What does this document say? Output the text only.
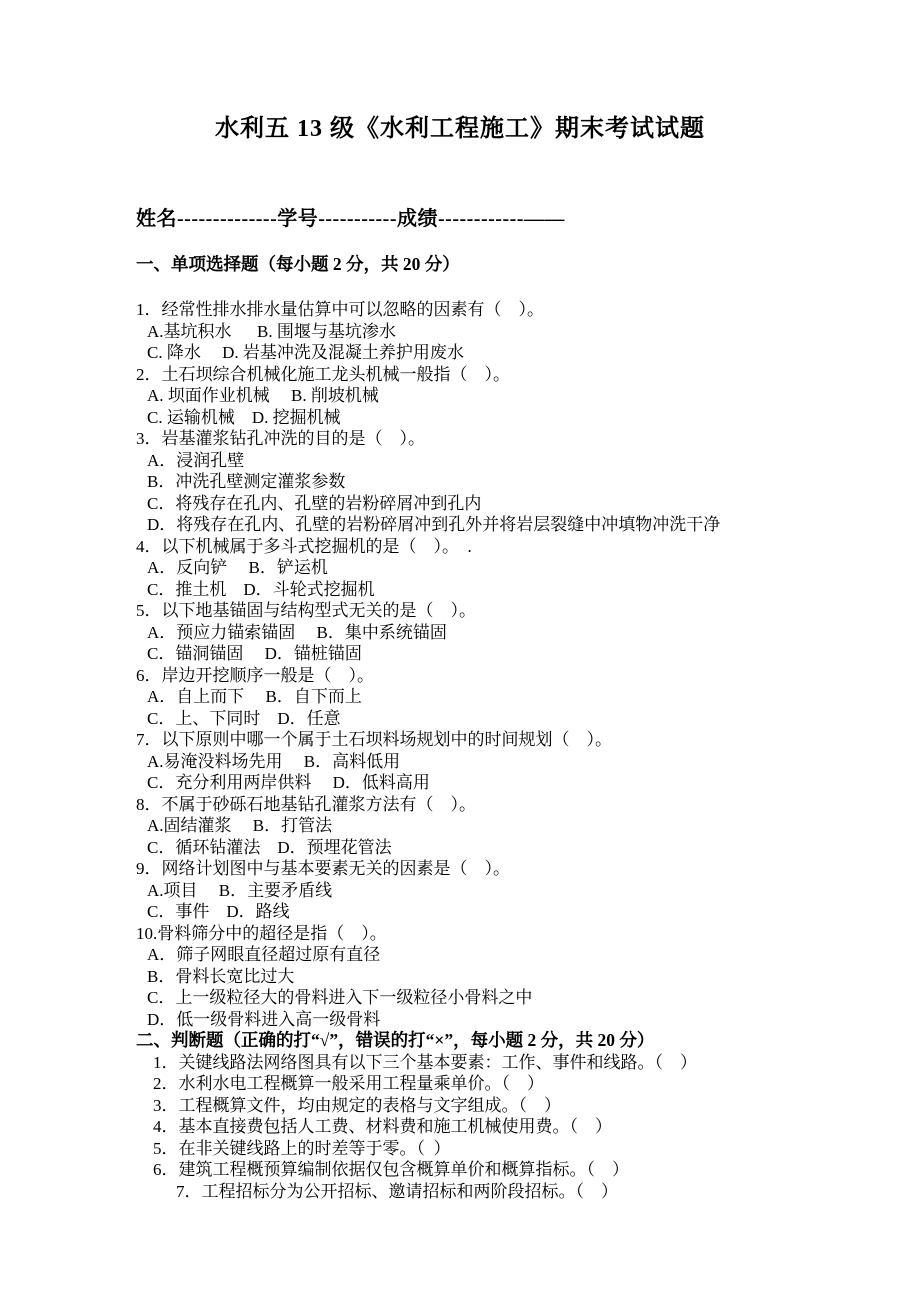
水利五 13 级《水利工程施工》期末考试试题
姓名--------------学号-----------成绩------------——
一、单项选择题（每小题 2 分，共 20 分）
1．经常性排水排水量估算中可以忽略的因素有（    ）。
A.基坑积水      B. 围堰与基坑渗水
C. 降水     D. 岩基冲洗及混凝土养护用废水
2．土石坝综合机械化施工龙头机械一般指（    ）。
A. 坝面作业机械     B. 削坡机械
C. 运输机械    D. 挖掘机械
3．岩基灌浆钻孔冲洗的目的是（    ）。
A．浸润孔壁
B．冲洗孔壁测定灌浆参数
C．将残存在孔内、孔壁的岩粉碎屑冲到孔内
D．将残存在孔内、孔壁的岩粉碎屑冲到孔外并将岩层裂缝中冲填物冲洗干净
4．以下机械属于多斗式挖掘机的是（    ）。  .
A．反向铲     B．铲运机
C．推土机    D．斗轮式挖掘机
5．以下地基锚固与结构型式无关的是（    ）。
A．预应力锚索锚固     B．集中系统锚固
C．锚洞锚固     D．锚桩锚固
6．岸边开挖顺序一般是（    ）。
A．自上而下     B．自下而上
C．上、下同时    D．任意
7．以下原则中哪一个属于土石坝料场规划中的时间规划（    ）。
A.易淹没料场先用     B．高料低用
C．充分利用两岸供料     D．低料高用
8．不属于砂砾石地基钻孔灌浆方法有（    ）。
A.固结灌浆     B．打管法
C．循环钻灌法    D．预埋花管法
9．网络计划图中与基本要素无关的因素是（    ）。
A.项目     B．主要矛盾线
C．事件    D．路线
10.骨料筛分中的超径是指（    ）。
A．筛子网眼直径超过原有直径
B．骨料长宽比过大
C．上一级粒径大的骨料进入下一级粒径小骨料之中
D．低一级骨料进入高一级骨料
二、判断题（正确的打“√”，错误的打“×”，每小题 2 分，共 20 分）
1．关键线路法网络图具有以下三个基本要素：工作、事件和线路。（    ）
2．水利水电工程概算一般采用工程量乘单价。（    ）
3．工程概算文件，均由规定的表格与文字组成。（    ）
4．基本直接费包括人工费、材料费和施工机械使用费。（    ）
5．在非关键线路上的时差等于零。（  ）
6．建筑工程概预算编制依据仅包含概算单价和概算指标。（    ）
7．工程招标分为公开招标、邀请招标和两阶段招标。（    ）
